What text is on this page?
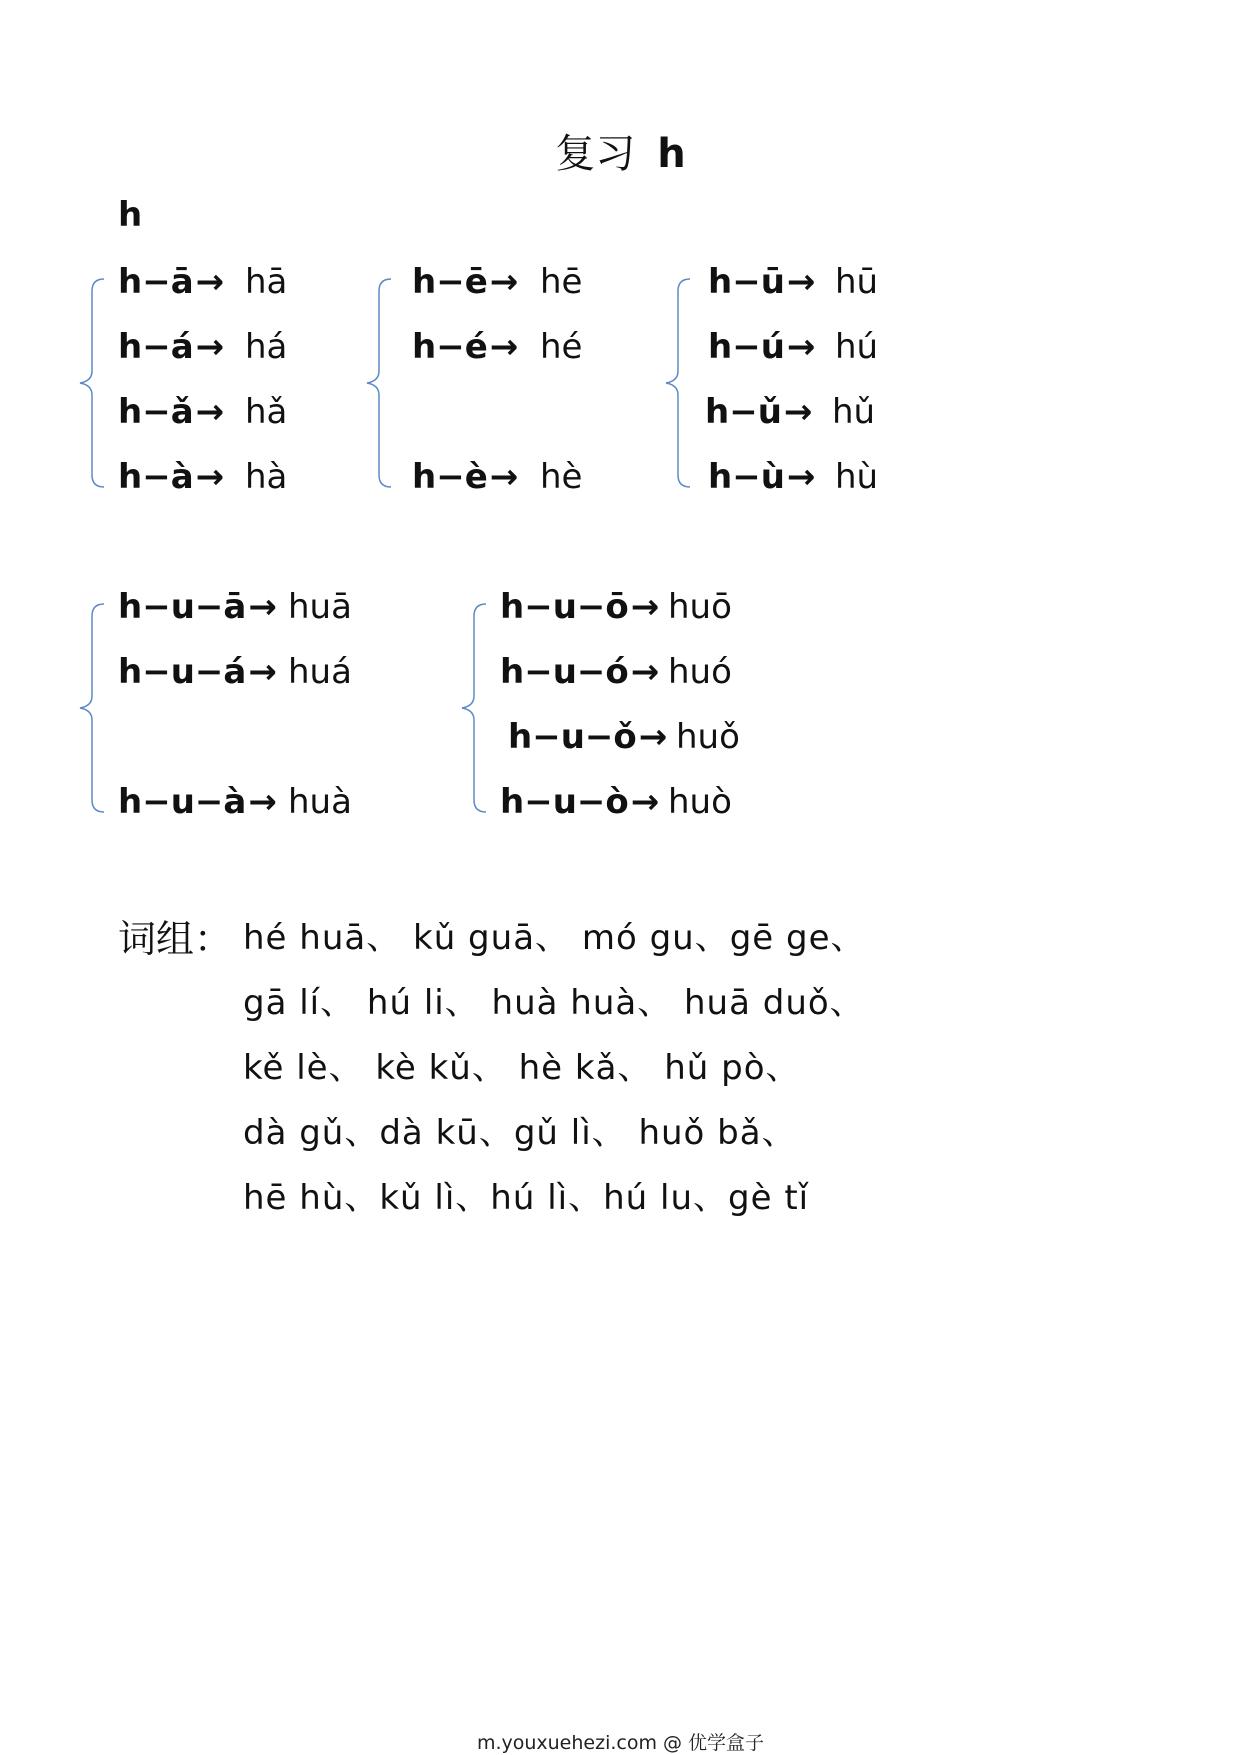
复习 h
h
h−ā→ hā
h−á→ há
h−ǎ→ hǎ
h−à→ hà
h−ē→ hē
h−é→ hé
h−è→ hè
h−ū→ hū
h−ú→ hú
h−ǔ→ hǔ
h−ù→ hù
h−u−ā→ huā
h−u−á→ huá
h−u−à→ huà
h−u−ō→ huō
h−u−ó→ huó
h−u−ǒ→ huǒ
h−u−ò→ huò
词组： hé huā、 kǔ guā、 mó gu、gē ge、
gā lí、 hú li、 huà huà、 huā duǒ、
kě lè、 kè kǔ、 hè kǎ、 hǔ pò、
dà gǔ、dà kū、gǔ lì、 huǒ bǎ、
hē hù、kǔ lì、hú lì、hú lu、gè tǐ
m.youxuehezi.com @ 优学盒子
